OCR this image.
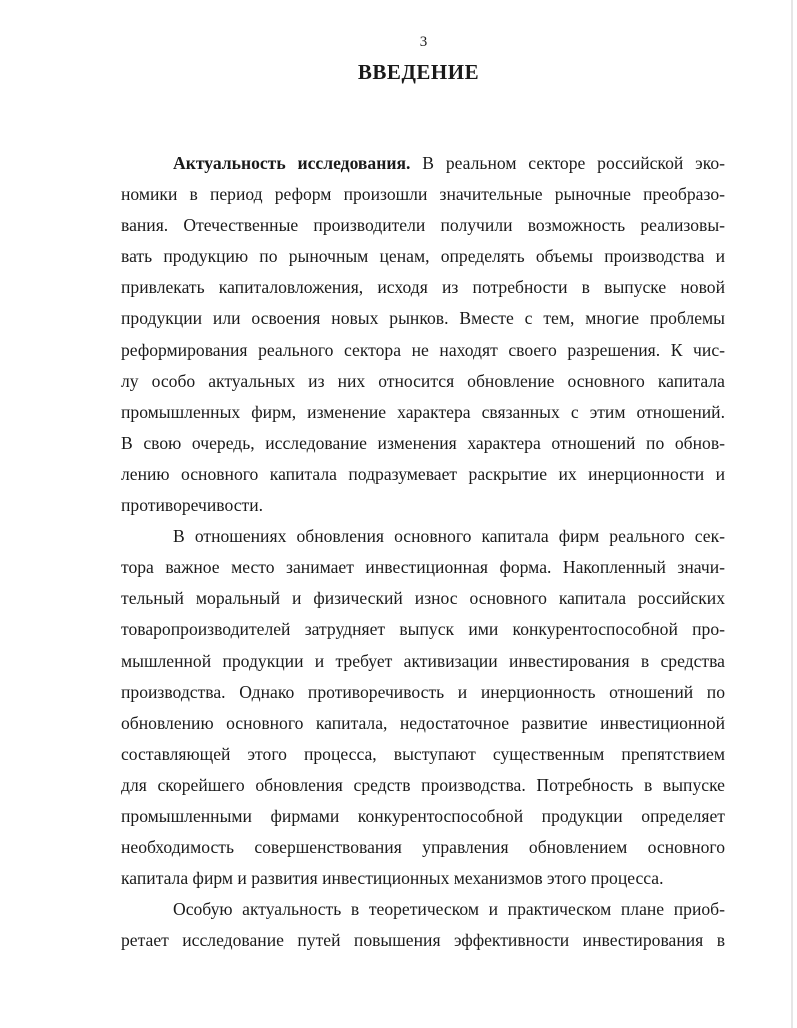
3
ВВЕДЕНИЕ
Актуальность исследования. В реальном секторе российской эко-
номики в период реформ произошли значительные рыночные преобразо-
вания. Отечественные производители получили возможность реализовы-
вать продукцию по рыночным ценам, определять объемы производства и
привлекать капиталовложения, исходя из потребности в выпуске новой
продукции или освоения новых рынков. Вместе с тем, многие проблемы
реформирования реального сектора не находят своего разрешения. К чис-
лу особо актуальных из них относится обновление основного капитала
промышленных фирм, изменение характера связанных с этим отношений.
В свою очередь, исследование изменения характера отношений по обнов-
лению основного капитала подразумевает раскрытие их инерционности и
противоречивости.
В отношениях обновления основного капитала фирм реального сек-
тора важное место занимает инвестиционная форма. Накопленный значи-
тельный моральный и физический износ основного капитала российских
товаропроизводителей затрудняет выпуск ими конкурентоспособной про-
мышленной продукции и требует активизации инвестирования в средства
производства. Однако противоречивость и инерционность отношений по
обновлению основного капитала, недостаточное развитие инвестиционной
составляющей этого процесса, выступают существенным препятствием
для скорейшего обновления средств производства. Потребность в выпуске
промышленными фирмами конкурентоспособной продукции определяет
необходимость совершенствования управления обновлением основного
капитала фирм и развития инвестиционных механизмов этого процесса.
Особую актуальность в теоретическом и практическом плане приоб-
ретает исследование путей повышения эффективности инвестирования в
